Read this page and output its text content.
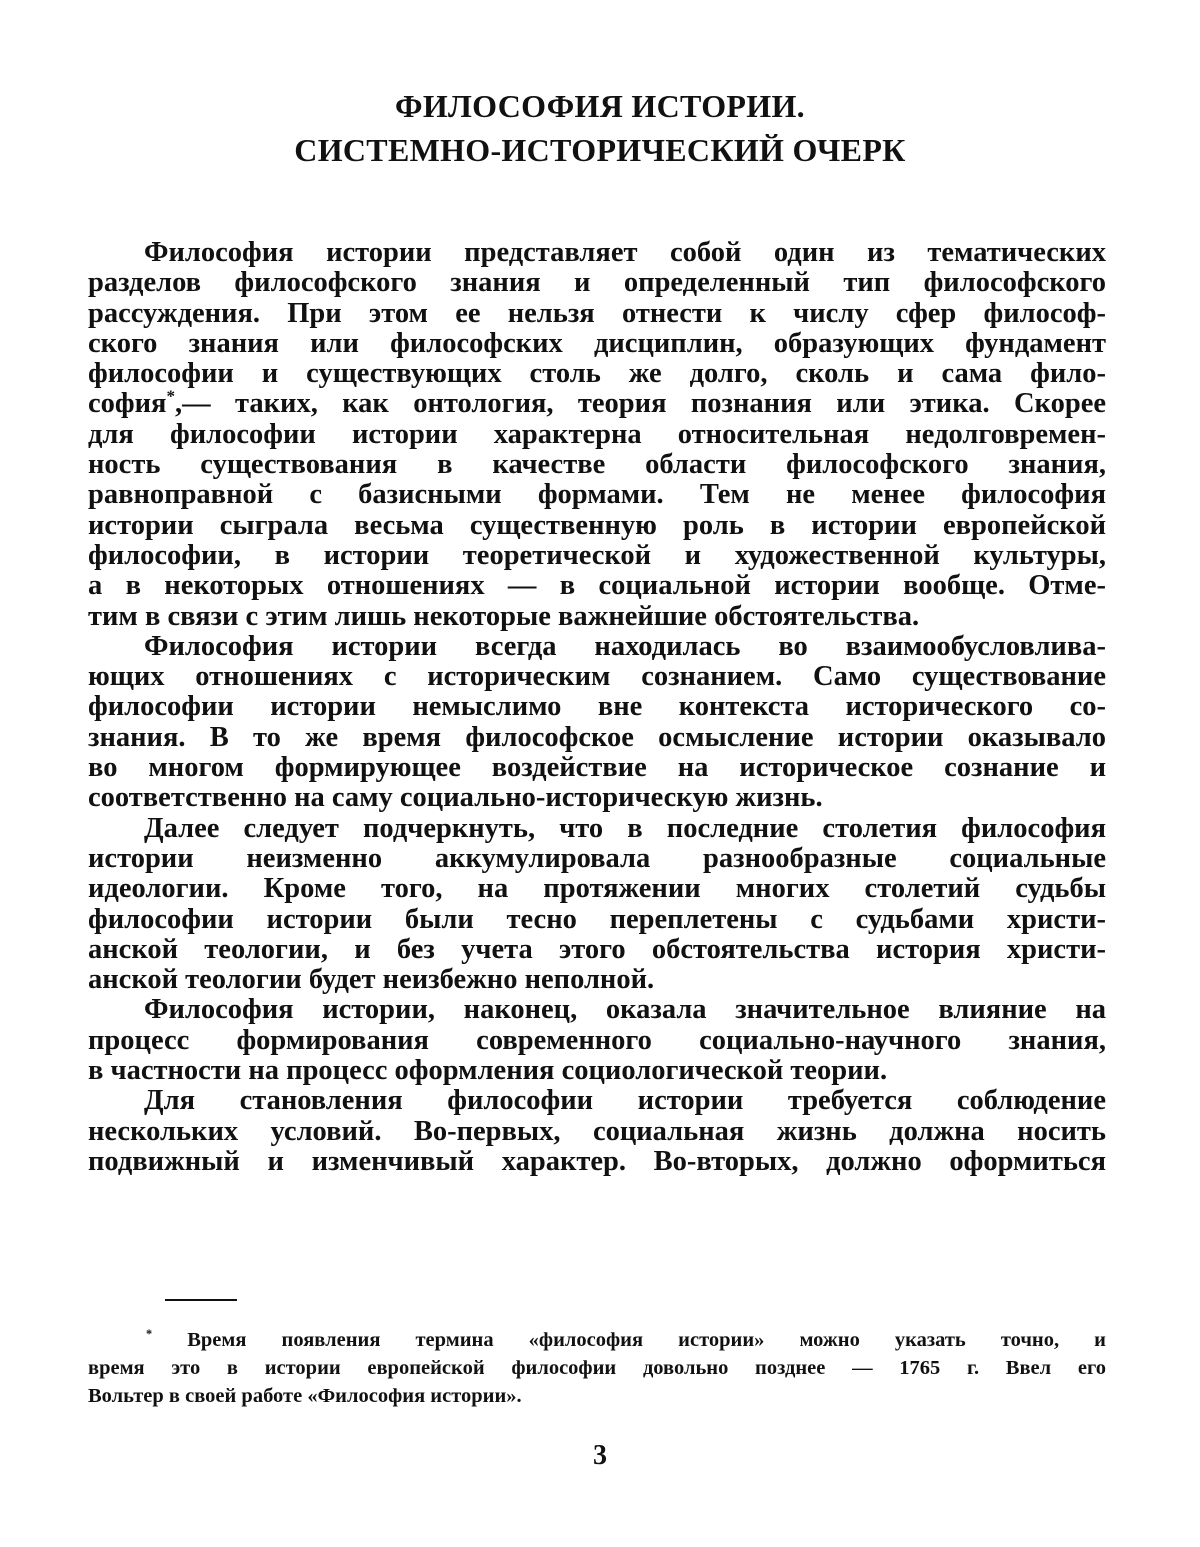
ФИЛОСОФИЯ ИСТОРИИ.
СИСТЕМНО-ИСТОРИЧЕСКИЙ ОЧЕРК
Философия истории представляет собой один из тематических
разделов философского знания и определенный тип философского
рассуждения. При этом ее нельзя отнести к числу сфер философ-
ского знания или философских дисциплин, образующих фундамент
философии и существующих столь же долго, сколь и сама фило-
софия*,— таких, как онтология, теория познания или этика. Скорее
для философии истории характерна относительная недолговремен-
ность существования в качестве области философского знания,
равноправной с базисными формами. Тем не менее философия
истории сыграла весьма существенную роль в истории европейской
философии, в истории теоретической и художественной культуры,
а в некоторых отношениях — в социальной истории вообще. Отме-
тим в связи с этим лишь некоторые важнейшие обстоятельства.
Философия истории всегда находилась во взаимообусловлива-
ющих отношениях с историческим сознанием. Само существование
философии истории немыслимо вне контекста исторического со-
знания. В то же время философское осмысление истории оказывало
во многом формирующее воздействие на историческое сознание и
соответственно на саму социально-историческую жизнь.
Далее следует подчеркнуть, что в последние столетия философия
истории неизменно аккумулировала разнообразные социальные
идеологии. Кроме того, на протяжении многих столетий судьбы
философии истории были тесно переплетены с судьбами христи-
анской теологии, и без учета этого обстоятельства история христи-
анской теологии будет неизбежно неполной.
Философия истории, наконец, оказала значительное влияние на
процесс формирования современного социально-научного знания,
в частности на процесс оформления социологической теории.
Для становления философии истории требуется соблюдение
нескольких условий. Во-первых, социальная жизнь должна носить
подвижный и изменчивый характер. Во-вторых, должно оформиться
* Время появления термина «философия истории» можно указать точно, и
время это в истории европейской философии довольно позднее — 1765 г. Ввел его
Вольтер в своей работе «Философия истории».
3
